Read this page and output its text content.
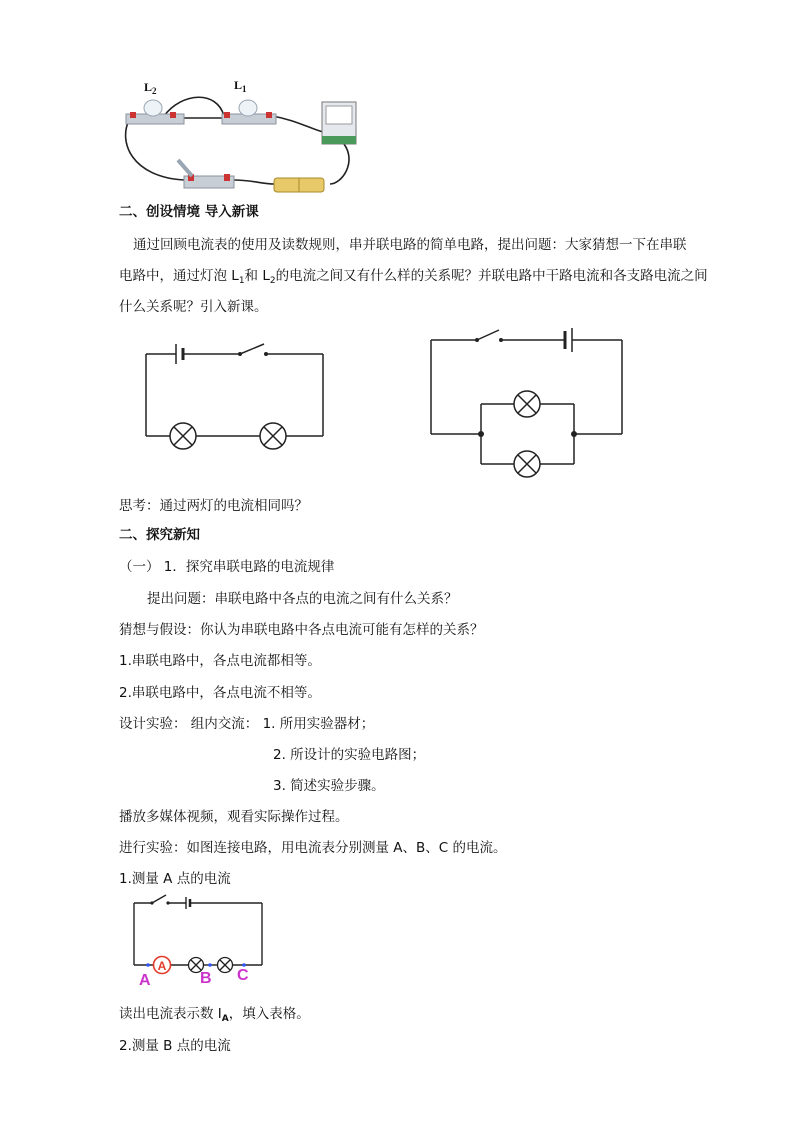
$L_2$	$L_1$
二、创设情境 导入新课
通过回顾电流表的使用及读数规则，串并联电路的简单电路，提出问题：大家猜想一下在串联
电路中，通过灯泡 $L_1$和 $L_2$的电流之间又有什么样的关系呢？并联电路中干路电流和各支路电流之间
什么关系呢？引入新课。
思考：通过两灯的电流相同吗？
二、探究新知
（一） 1．探究串联电路的电流规律
提出问题：串联电路中各点的电流之间有什么关系？
猜想与假设：你认为串联电路中各点电流可能有怎样的关系？
1.串联电路中，各点电流都相等。
2.串联电路中，各点电流不相等。
设计实验： 组内交流： 1. 所用实验器材；
2. 所设计的实验电路图；
3. 简述实验步骤。
播放多媒体视频，观看实际操作过程。
进行实验：如图连接电路，用电流表分别测量 A、B、C 的电流。
1.测量 A 点的电流
A
A	B C
读出电流表示数 $I_A$，填入表格。
2.测量 B 点的电流
